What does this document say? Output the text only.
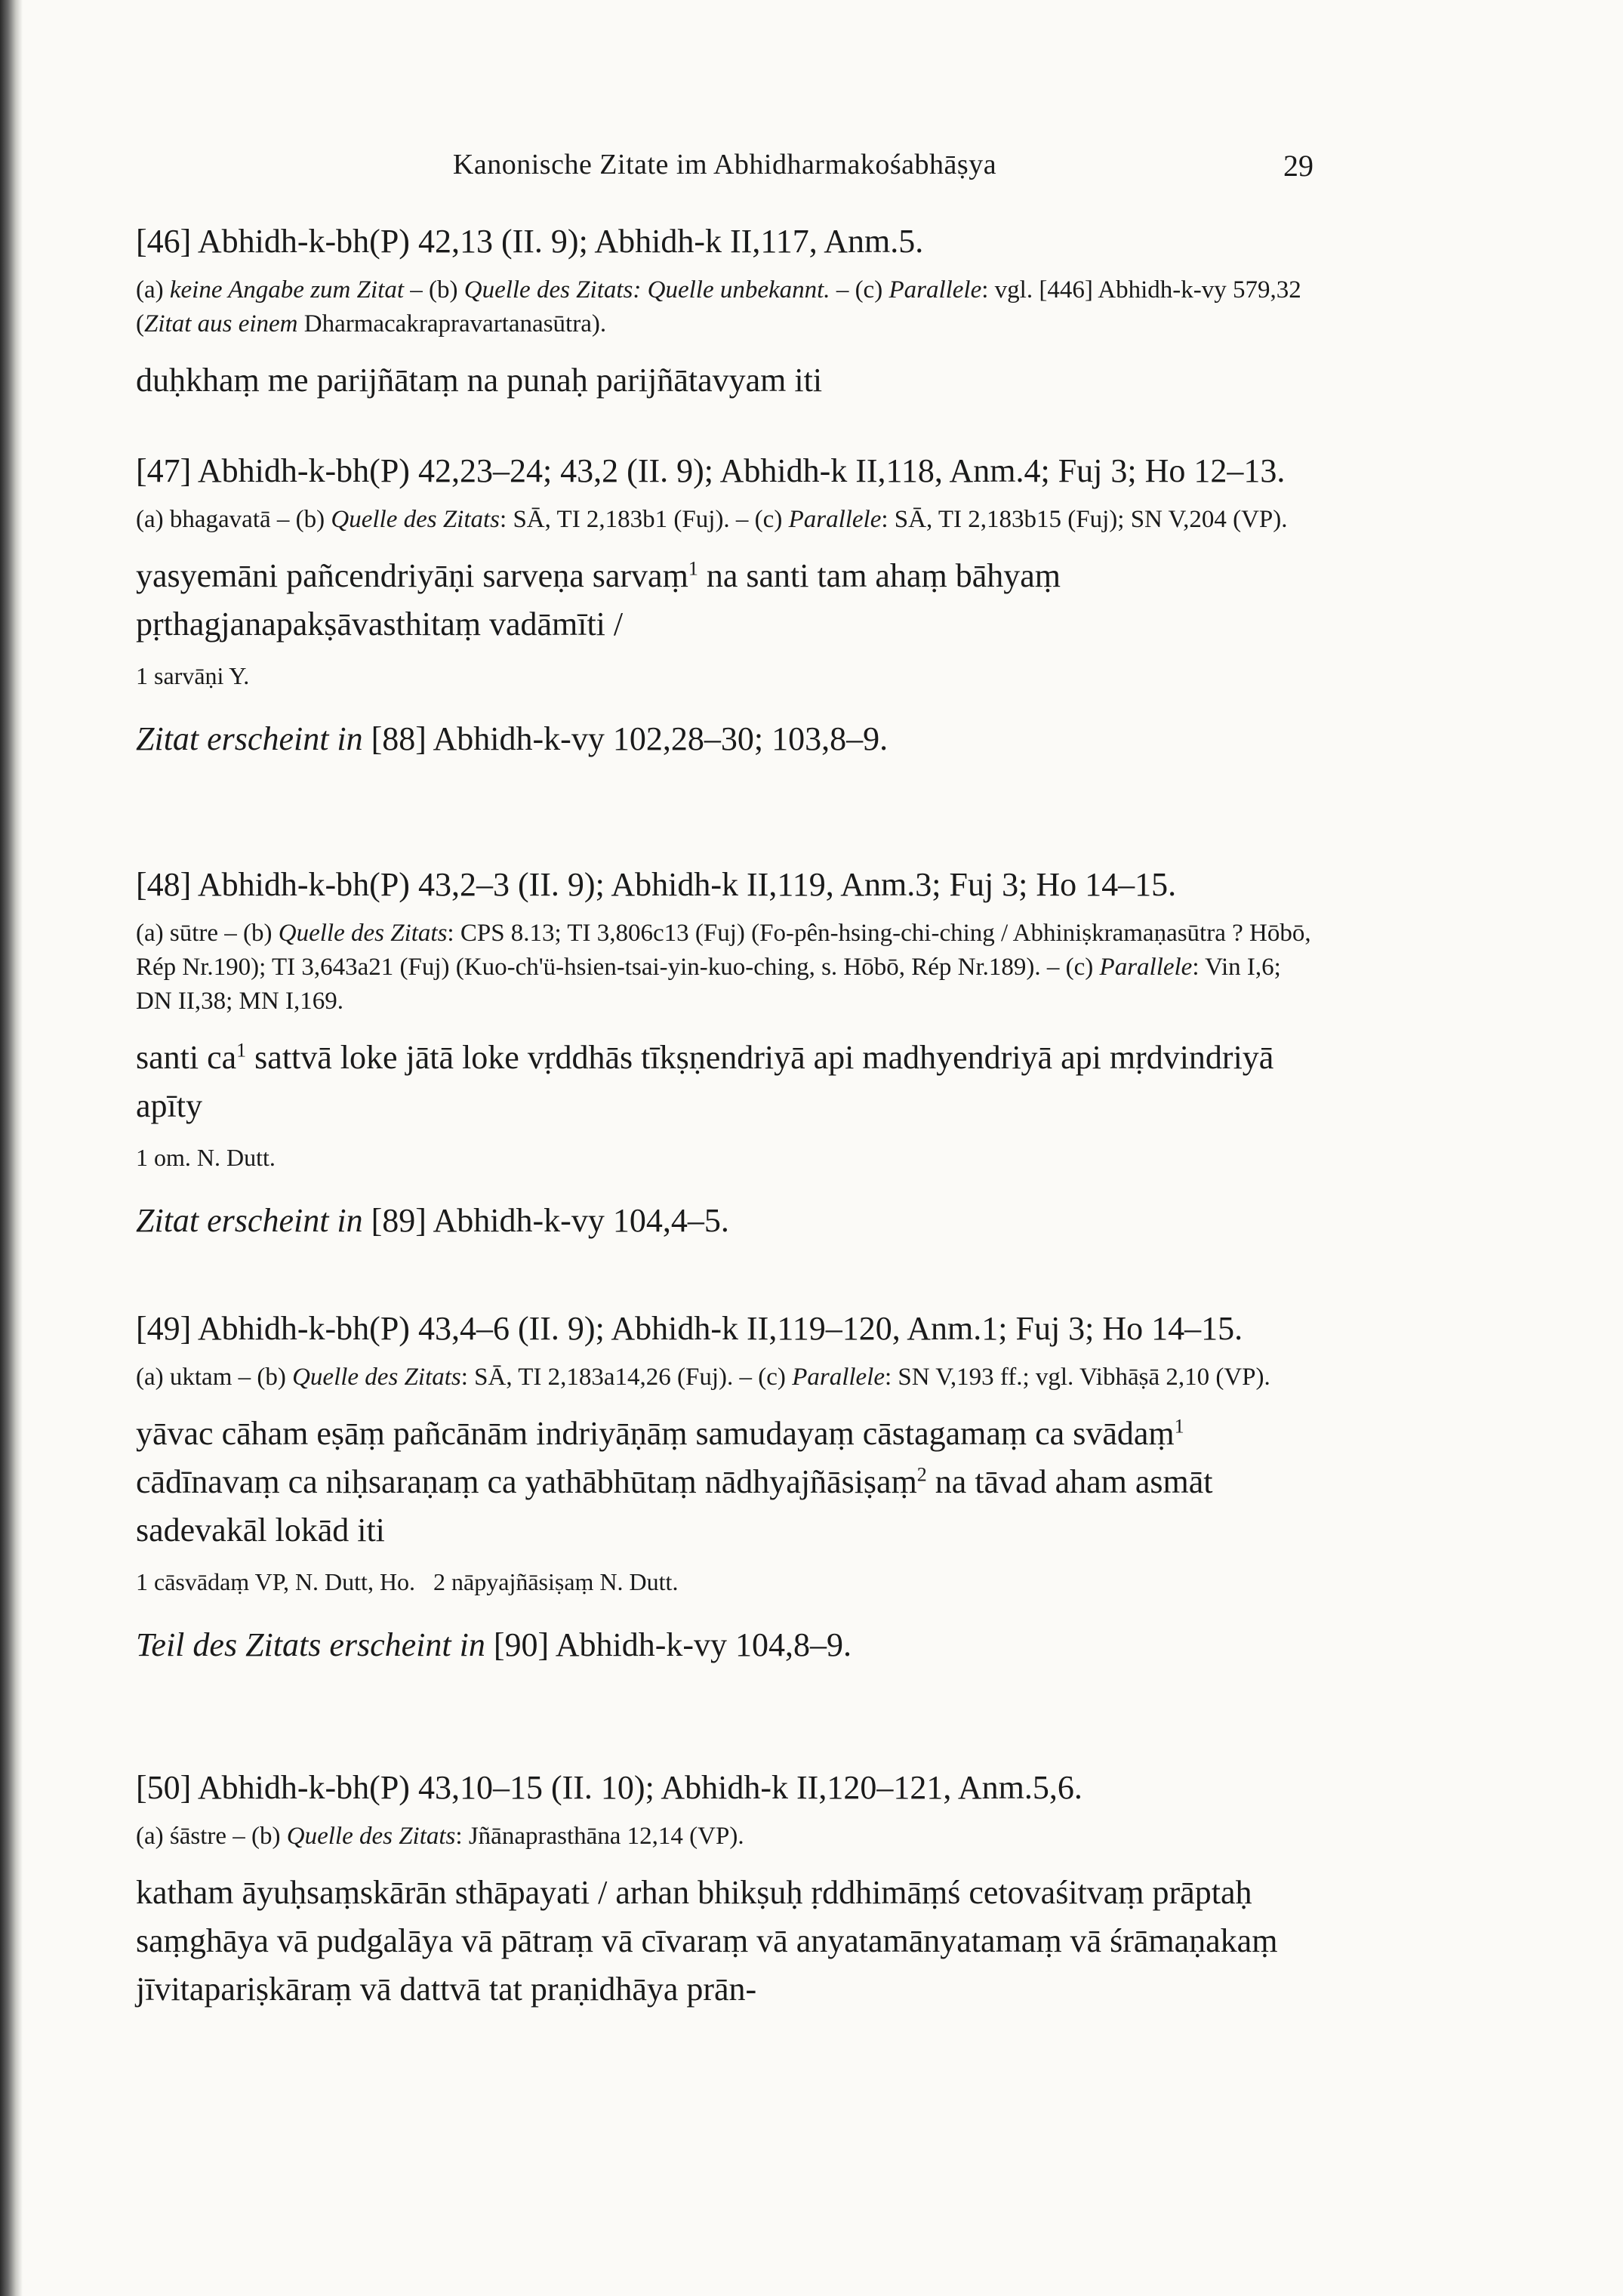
Kanonische Zitate im Abhidharmakośabhāṣya	29
[46] Abhidh-k-bh(P) 42,13 (II. 9); Abhidh-k II,117, Anm.5.
(a) keine Angabe zum Zitat – (b) Quelle des Zitats: Quelle unbekannt. – (c) Parallele: vgl. [446] Abhidh-k-vy 579,32 (Zitat aus einem Dharmacakrapravartanasūtra).
duḥkhaṃ me parijñātaṃ na punaḥ parijñātavyam iti
[47] Abhidh-k-bh(P) 42,23–24; 43,2 (II. 9); Abhidh-k II,118, Anm.4; Fuj 3; Ho 12–13.
(a) bhagavatā – (b) Quelle des Zitats: SĀ, TI 2,183b1 (Fuj). – (c) Parallele: SĀ, TI 2,183b15 (Fuj); SN V,204 (VP).
yasyemāni pañcendriyāṇi sarveṇa sarvaṃ$^1$ na santi tam ahaṃ bāhyaṃ pṛthagjanapakṣāvasthitaṃ vadāmīti /
1 sarvāṇi Y.
Zitat erscheint in [88] Abhidh-k-vy 102,28–30; 103,8–9.
[48] Abhidh-k-bh(P) 43,2–3 (II. 9); Abhidh-k II,119, Anm.3; Fuj 3; Ho 14–15.
(a) sūtre – (b) Quelle des Zitats: CPS 8.13; TI 3,806c13 (Fuj) (Fo-pên-hsing-chi-ching / Abhiniṣkramaṇasūtra ? Hōbō, Rép Nr.190); TI 3,643a21 (Fuj) (Kuo-ch'ü-hsien-tsai-yin-kuo-ching, s. Hōbō, Rép Nr.189). – (c) Parallele: Vin I,6; DN II,38; MN I,169.
santi $ca^1$ sattvā loke jātā loke vṛddhās tīkṣṇendriyā api madhyendriyā api mṛdvindriyā apīty
1 om. N. Dutt.
Zitat erscheint in [89] Abhidh-k-vy 104,4–5.
[49] Abhidh-k-bh(P) 43,4–6 (II. 9); Abhidh-k II,119–120, Anm.1; Fuj 3; Ho 14–15.
(a) uktam – (b) Quelle des Zitats: SĀ, TI 2,183a14,26 (Fuj). – (c) Parallele: SN V,193 ff.; vgl. Vibhāṣā 2,10 (VP).
yāvac cāham eṣāṃ pañcānām indriyāṇāṃ samudayaṃ cāstagamaṃ ca svādaṃ$^1$ cādīnavaṃ ca niḥsaraṇaṃ ca yathābhūtaṃ nādhyajñāsiṣaṃ$^2$ na tāvad aham asmāt sadevakāl lokād iti
1 cāsvādaṃ VP, N. Dutt, Ho.   2 nāpyajñāsiṣaṃ N. Dutt.
Teil des Zitats erscheint in [90] Abhidh-k-vy 104,8–9.
[50] Abhidh-k-bh(P) 43,10–15 (II. 10); Abhidh-k II,120–121, Anm.5,6.
(a) śāstre – (b) Quelle des Zitats: Jñānaprasthāna 12,14 (VP).
katham āyuḥsaṃskārān sthāpayati / arhan bhikṣuḥ ṛddhimāṃś cetovaśitvaṃ prāptaḥ saṃghāya vā pudgalāya vā pātraṃ vā cīvaraṃ vā anyatamānyatamaṃ vā śrāmaṇakaṃ jīvitapariṣkāraṃ vā dattvā tat praṇidhāya prān-
